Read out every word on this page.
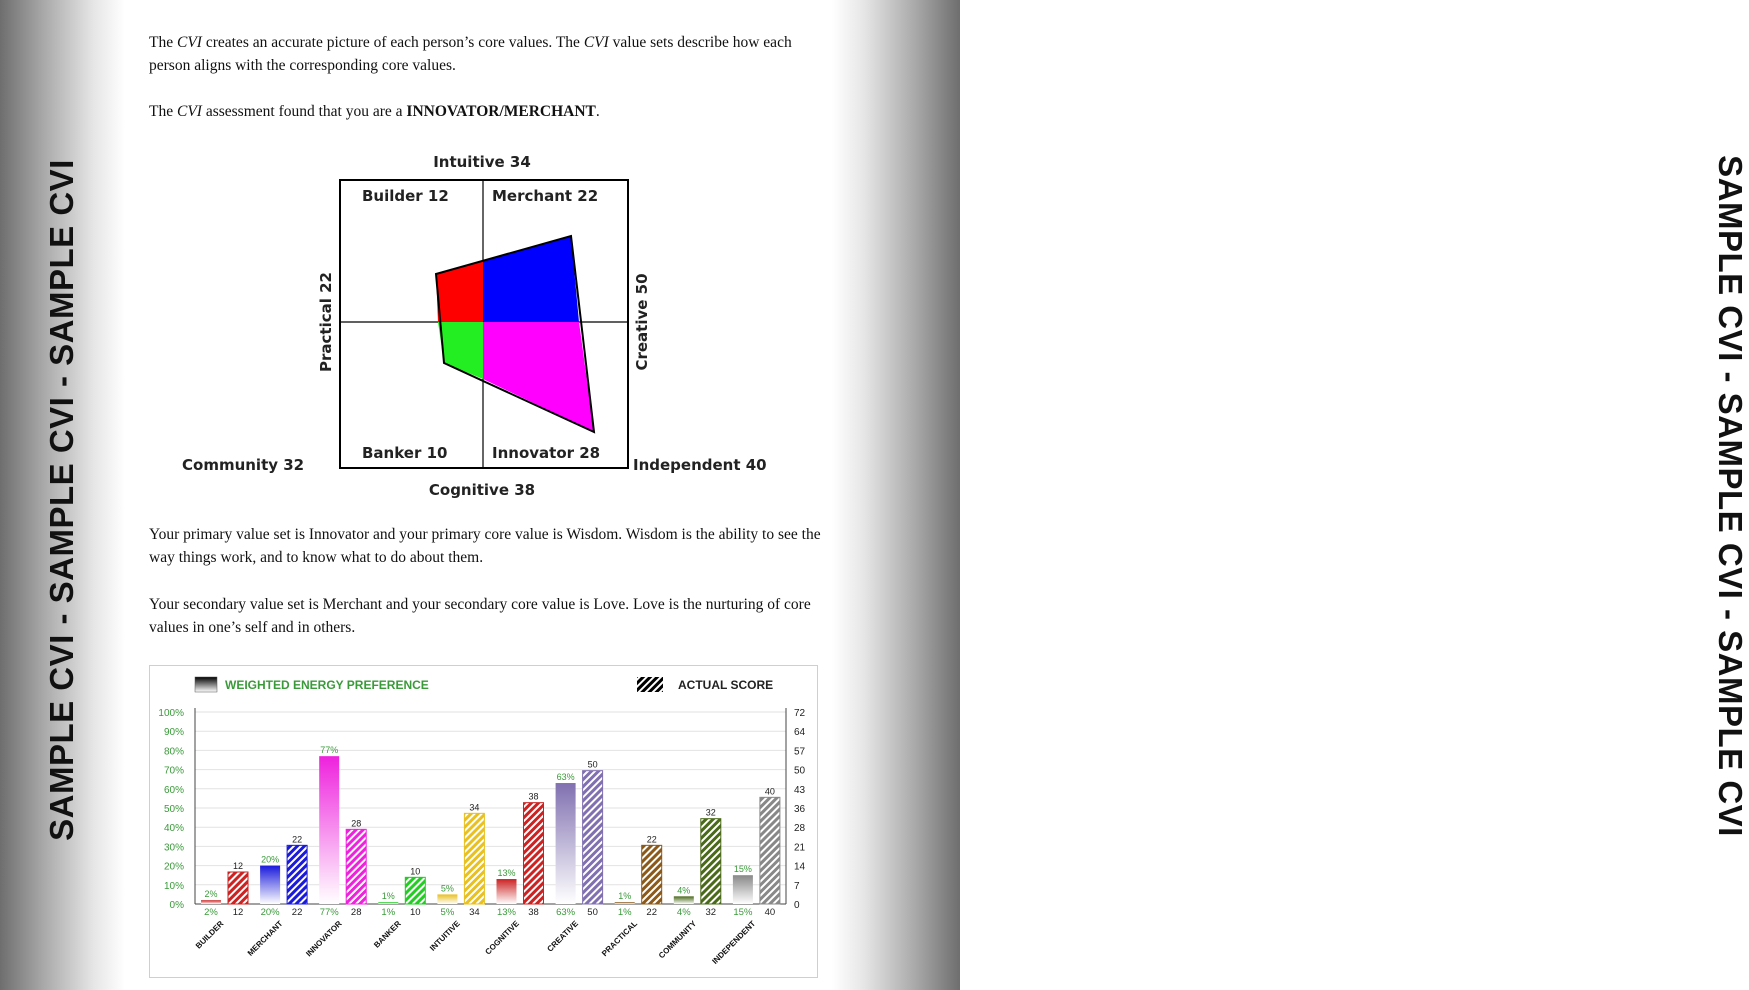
SAMPLE CVI - SAMPLE CVI - SAMPLE CVI	SAMPLE CVI - SAMPLE CVI - SAMPLE CVI

The CVI creates an accurate picture of each person’s core values. The CVI value sets describe how each person aligns with the corresponding core values.

The CVI assessment found that you are a INNOVATOR/MERCHANT.

Intuitive 34
Cognitive 38
Builder 12	Merchant 22
Banker 10	Innovator 28
Community 32	Independent 40
Practical 22	Creative 50

Your primary value set is Innovator and your primary core value is Wisdom. Wisdom is the ability to see the way things work, and to know what to do about them.

Your secondary value set is Merchant and your secondary core value is Love. Love is the nurturing of core values in one’s self and in others.

WEIGHTED ENERGY PREFERENCE	ACTUAL SCORE
0%	0
10%	7
20%	14
30%	21
40%	28
50%	36
60%	43
70%	50
80%	57
90%	64
100%	72
2%
12
2% 12
BUILDER
20%
22
20% 22
MERCHANT
77%
28
77% 28
INNOVATOR
1%
10
1% 10
BANKER
5%
34
5% 34
INTUITIVE
13%
38
13% 38
COGNITIVE
63%
50
63% 50
CREATIVE
1%
22
1% 22
PRACTICAL
4%
32
4% 32
COMMUNITY
15%
40
15% 40
INDEPENDENT
